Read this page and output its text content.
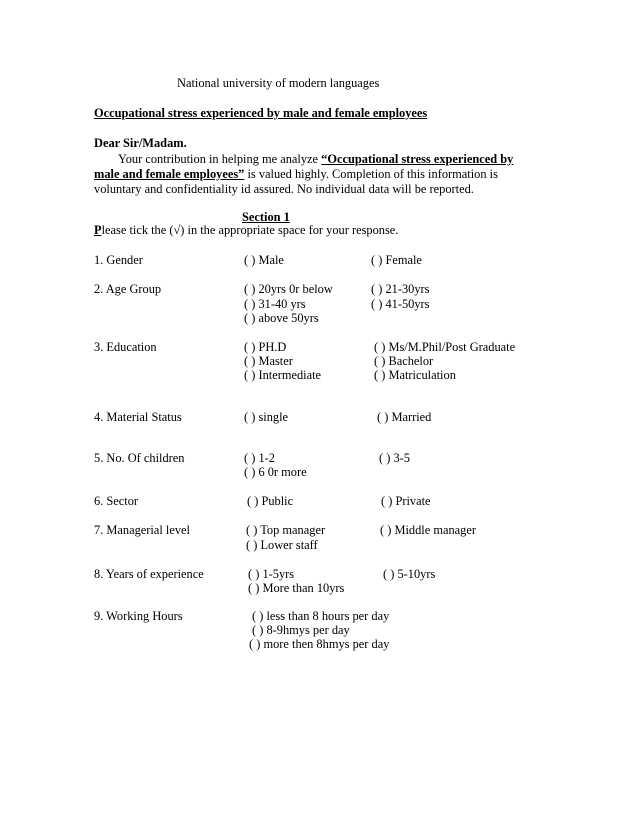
National university of modern languages
Occupational stress experienced by male and female employees
Dear Sir/Madam.
Your contribution in helping me analyze “Occupational stress experienced by
male and female employees” is valued highly. Completion of this information is
voluntary and confidentiality id assured. No individual data will be reported.
Section 1
Please tick the (√) in the appropriate space for your response.
1. Gender	( ) Male	( ) Female
2. Age Group	( ) 20yrs 0r below	( ) 21-30yrs
( ) 31-40 yrs	( ) 41-50yrs
( ) above 50yrs
3. Education	( ) PH.D	( ) Ms/M.Phil/Post Graduate
( ) Master	( ) Bachelor
( ) Intermediate	( ) Matriculation
4. Material Status	( ) single	( ) Married
5. No. Of children	( ) 1-2	( ) 3-5
( ) 6 0r more
6. Sector	( ) Public	( ) Private
7. Managerial level	( ) Top manager	( ) Middle manager
( ) Lower staff
8. Years of experience	( ) 1-5yrs	( ) 5-10yrs
( ) More than 10yrs
9. Working Hours	( ) less than 8 hours per day
( ) 8-9hmys per day
( ) more then 8hmys per day
